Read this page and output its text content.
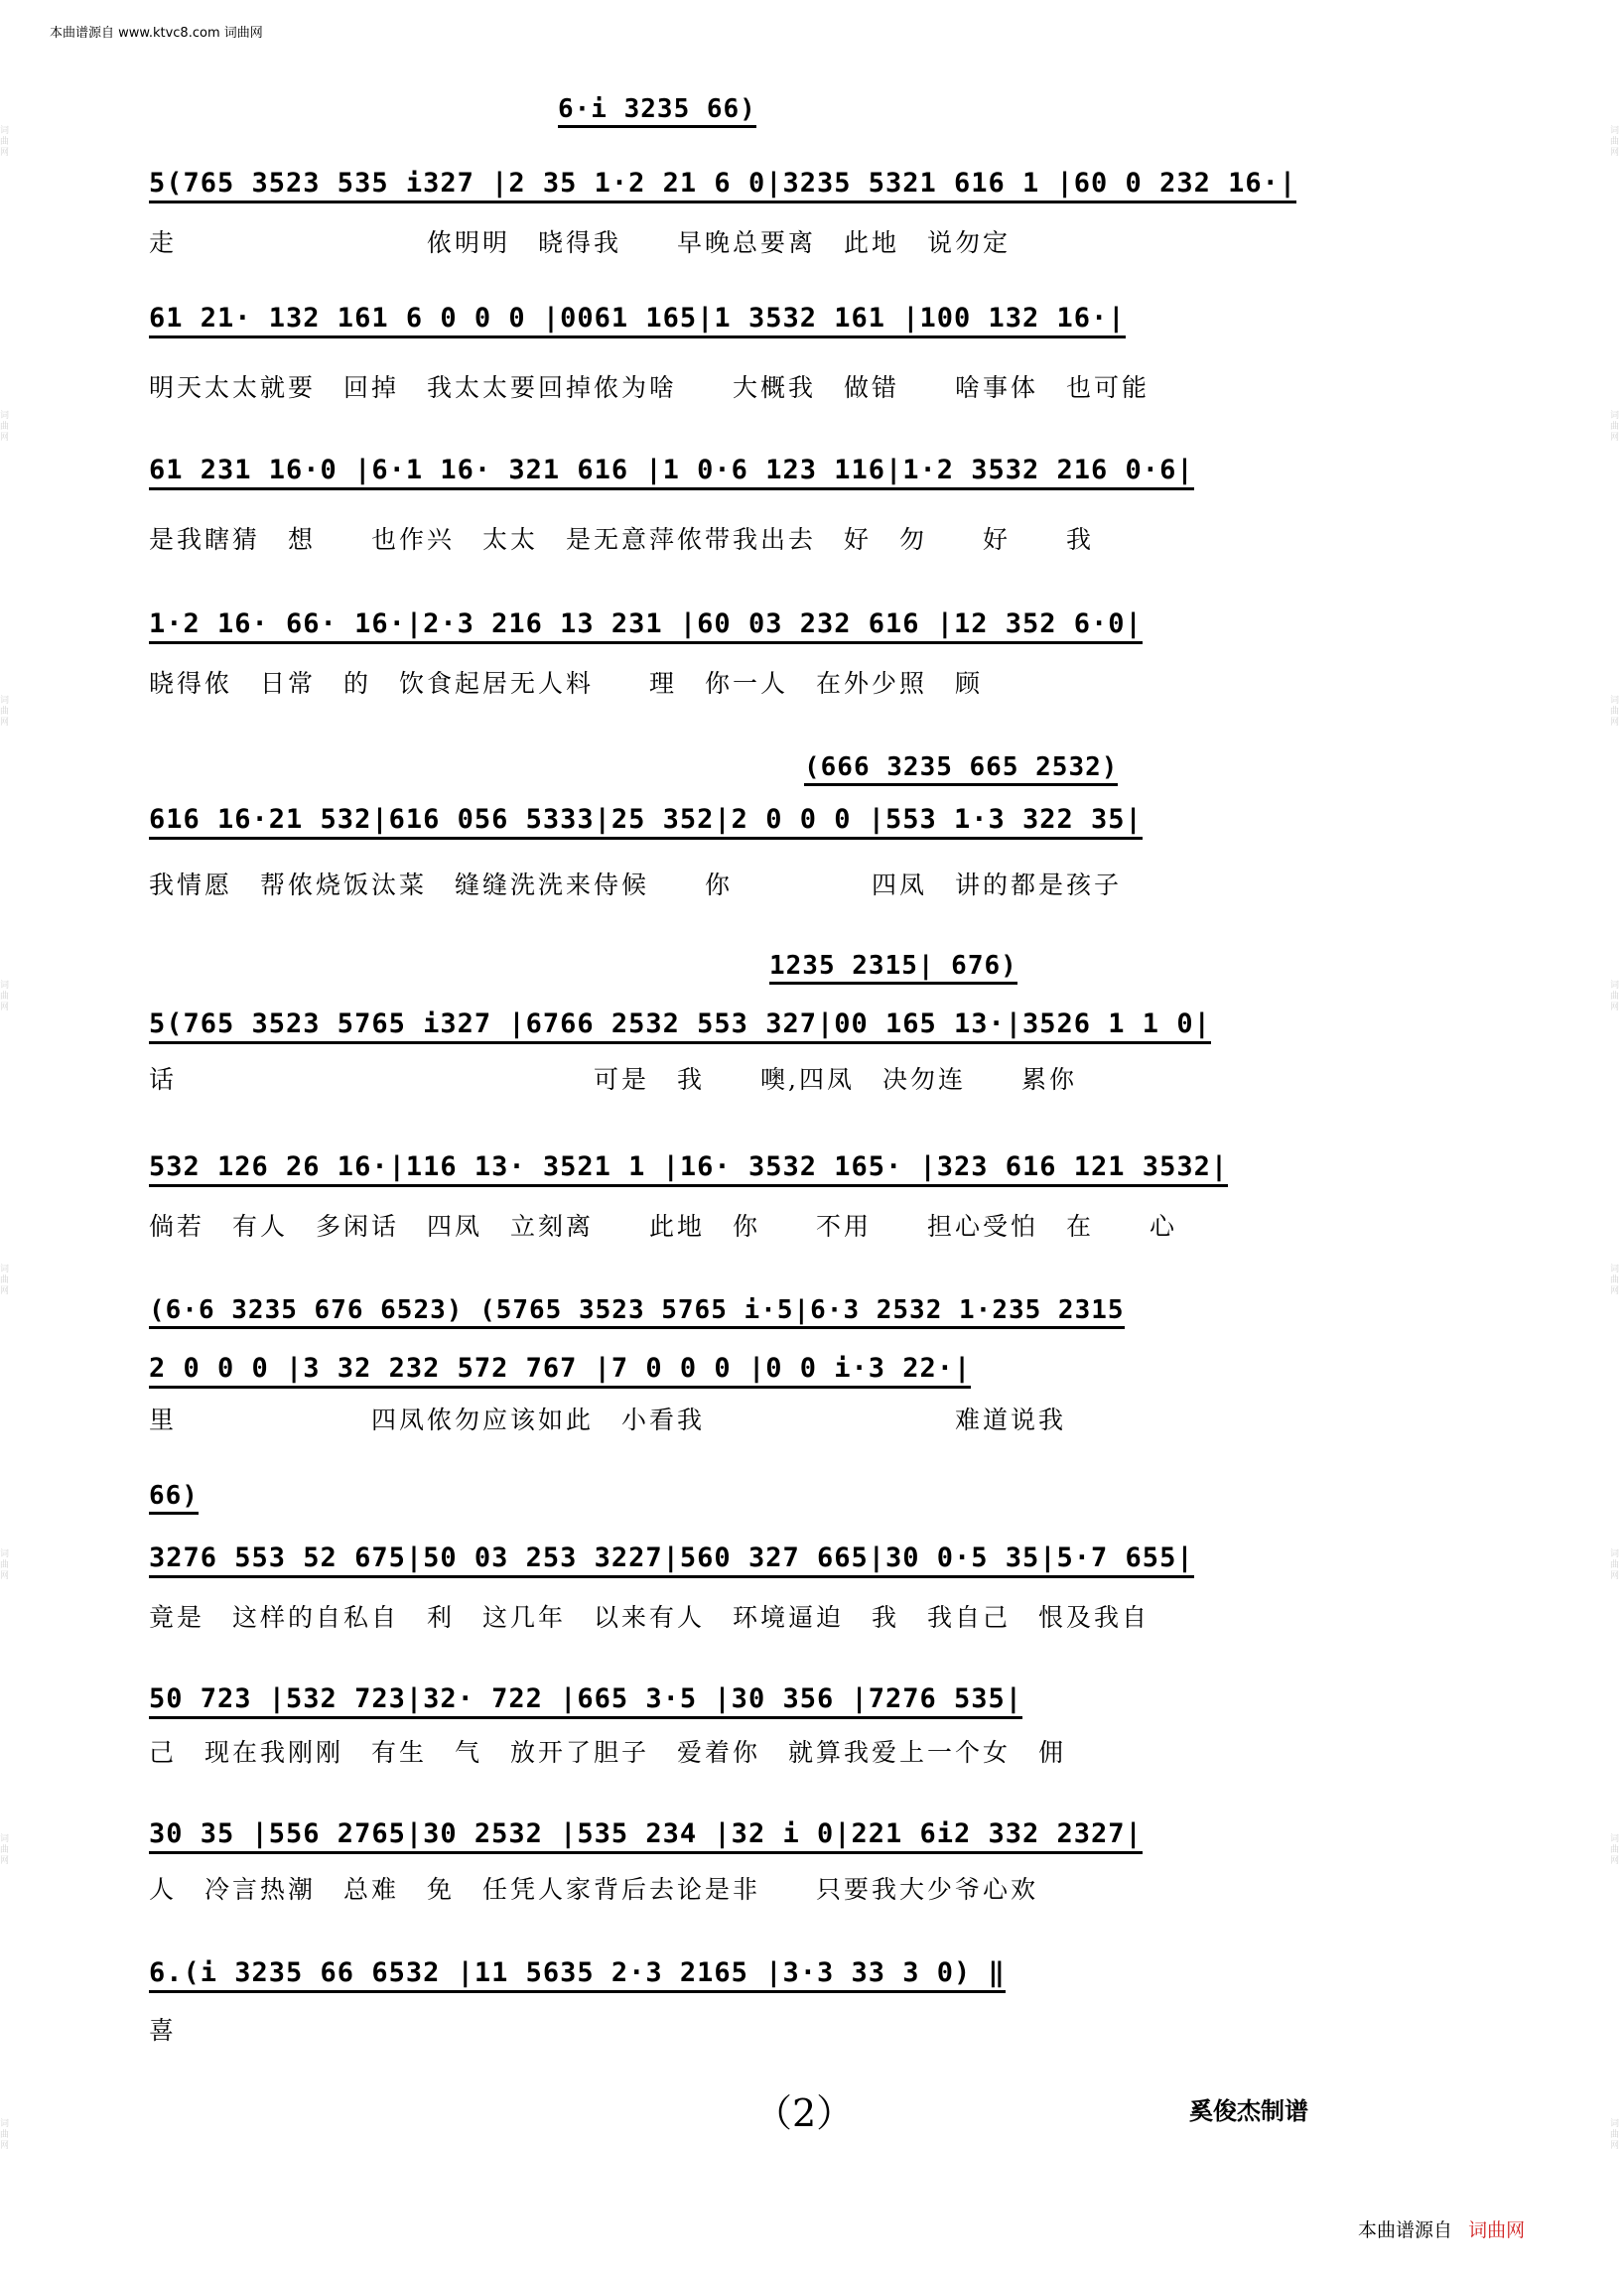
词曲网
词曲网
词曲网
词曲网
词曲网
词曲网
词曲网
词曲网
词曲网
词曲网
词曲网
词曲网
词曲网
词曲网
词曲网
词曲网
本曲谱源自 www.ktvc8.com 词曲网
6·i 3235 66)
5(765 3523 535 i327 |2 35 1·2 21 6 0|3235 5321 616 1 |60 0 232 16·|
走　　　　　　　　　侬明明　晓得我　　早晚总要离　此地　说勿定
61 21· 132 161 6 0 0 0 |0061 165|1 3532 161 |100 132 16·|
明天太太就要　回掉　我太太要回掉侬为啥　　大概我　做错　　啥事体　也可能
61 231 16·0 |6·1 16· 321 616 |1 0·6 123 116|1·2 3532 216 0·6|
是我瞎猜　想　　也作兴　太太　是无意萍侬带我出去　好　勿　　好　　我
1·2 16· 66· 16·|2·3 216 13 231 |60 03 232 616 |12 352 6·0|
晓得侬　日常　的　饮食起居无人料　　理　你一人　在外少照　顾
(666 3235 665 2532)
616 16·21 532|616 056 5333|25 352|2 0 0 0 |553 1·3 322 35|
我情愿　帮侬烧饭汰菜　缝缝洗洗来侍候　　你　　　　　四凤　讲的都是孩子
1235 2315| 676)
5(765 3523 5765 i327 |6766 2532 553 327|00 165 13·|3526 1 1 0|
话　　　　　　　　　　　　　　　可是　我　　噢,四凤　决勿连　　累你
532 126 26 16·|116 13· 3521 1 |16· 3532 165· |323 616 121 3532|
倘若　有人　多闲话　四凤　立刻离　　此地　你　　不用　　担心受怕　在　　心
(6·6 3235 676 6523) (5765 3523 5765 i·5|6·3 2532 1·235 2315
2 0 0 0 |3 32 232 572 767 |7 0 0 0 |0 0 i·3 22·|
里　　　　　　　四凤侬勿应该如此　小看我　　　　　　　　　难道说我
66)
3276 553 52 675|50 03 253 3227|560 327 665|30 0·5 35|5·7 655|
竟是　这样的自私自　利　这几年　以来有人　环境逼迫　我　我自己　恨及我自
50 723 |532 723|32· 722 |665 3·5 |30 356 |7276 535|
己　现在我刚刚　有生　气　放开了胆子　爱着你　就算我爱上一个女　佣
30 35 |556 2765|30 2532 |535 234 |32 i 0|221 6i2 332 2327|
人　冷言热潮　总难　免　任凭人家背后去论是非　　只要我大少爷心欢
6.(i 3235 66 6532 |11 5635 2·3 2165 |3·3 33 3 0) ‖
喜
（2）	奚俊杰制谱
本曲谱源自 词曲网
